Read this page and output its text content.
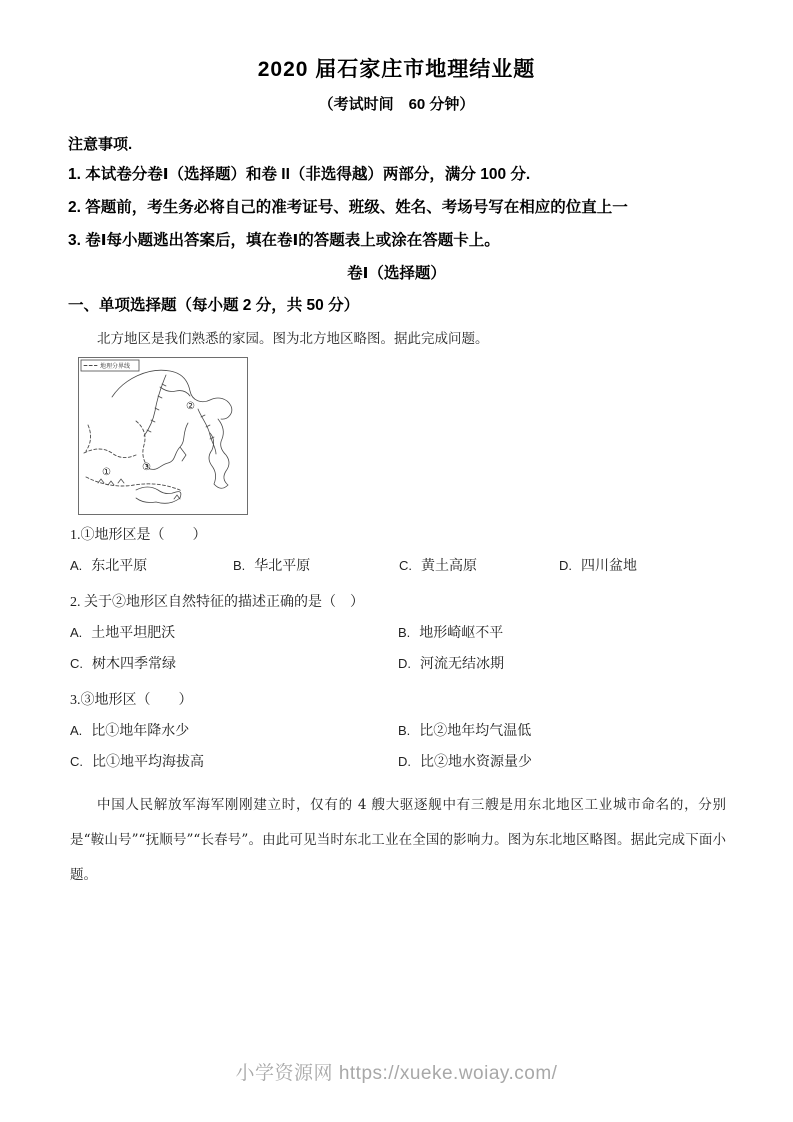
2020 届石家庄市地理结业题
（考试时间　60 分钟）
注意事项.
1. 本试卷分卷Ⅰ（选择题）和卷 II（非选得越）两部分，满分 100 分.
2. 答题前，考生务必将自己的准考证号、班级、姓名、考场号写在相应的位直上一
3. 卷Ⅰ每小题逃出答案后，填在卷Ⅰ的答题表上或涂在答题卡上。
卷Ⅰ（选择题）
一、单项选择题（每小题 2 分，共 50 分）

北方地区是我们熟悉的家园。图为北方地区略图。据此完成问题。

地理分界线
①
②
③
1.①地形区是（　　）
A. 东北平原	B. 华北平原	C. 黄土高原	D. 四川盆地
2. 关于②地形区自然特征的描述正确的是（　）
A. 土地平坦肥沃	B. 地形崎岖不平
C. 树木四季常绿	D. 河流无结冰期
3.③地形区（　　）
A. 比①地年降水少	B. 比②地年均气温低
C. 比①地平均海拔高	D. 比②地水资源量少

中国人民解放军海军刚刚建立时，仅有的 4 艘大驱逐舰中有三艘是用东北地区工业城市命名的，分别是“鞍山号”“抚顺号”“长春号”。由此可见当时东北工业在全国的影响力。图为东北地区略图。据此完成下面小题。

小学资源网 https://xueke.woiay.com/
